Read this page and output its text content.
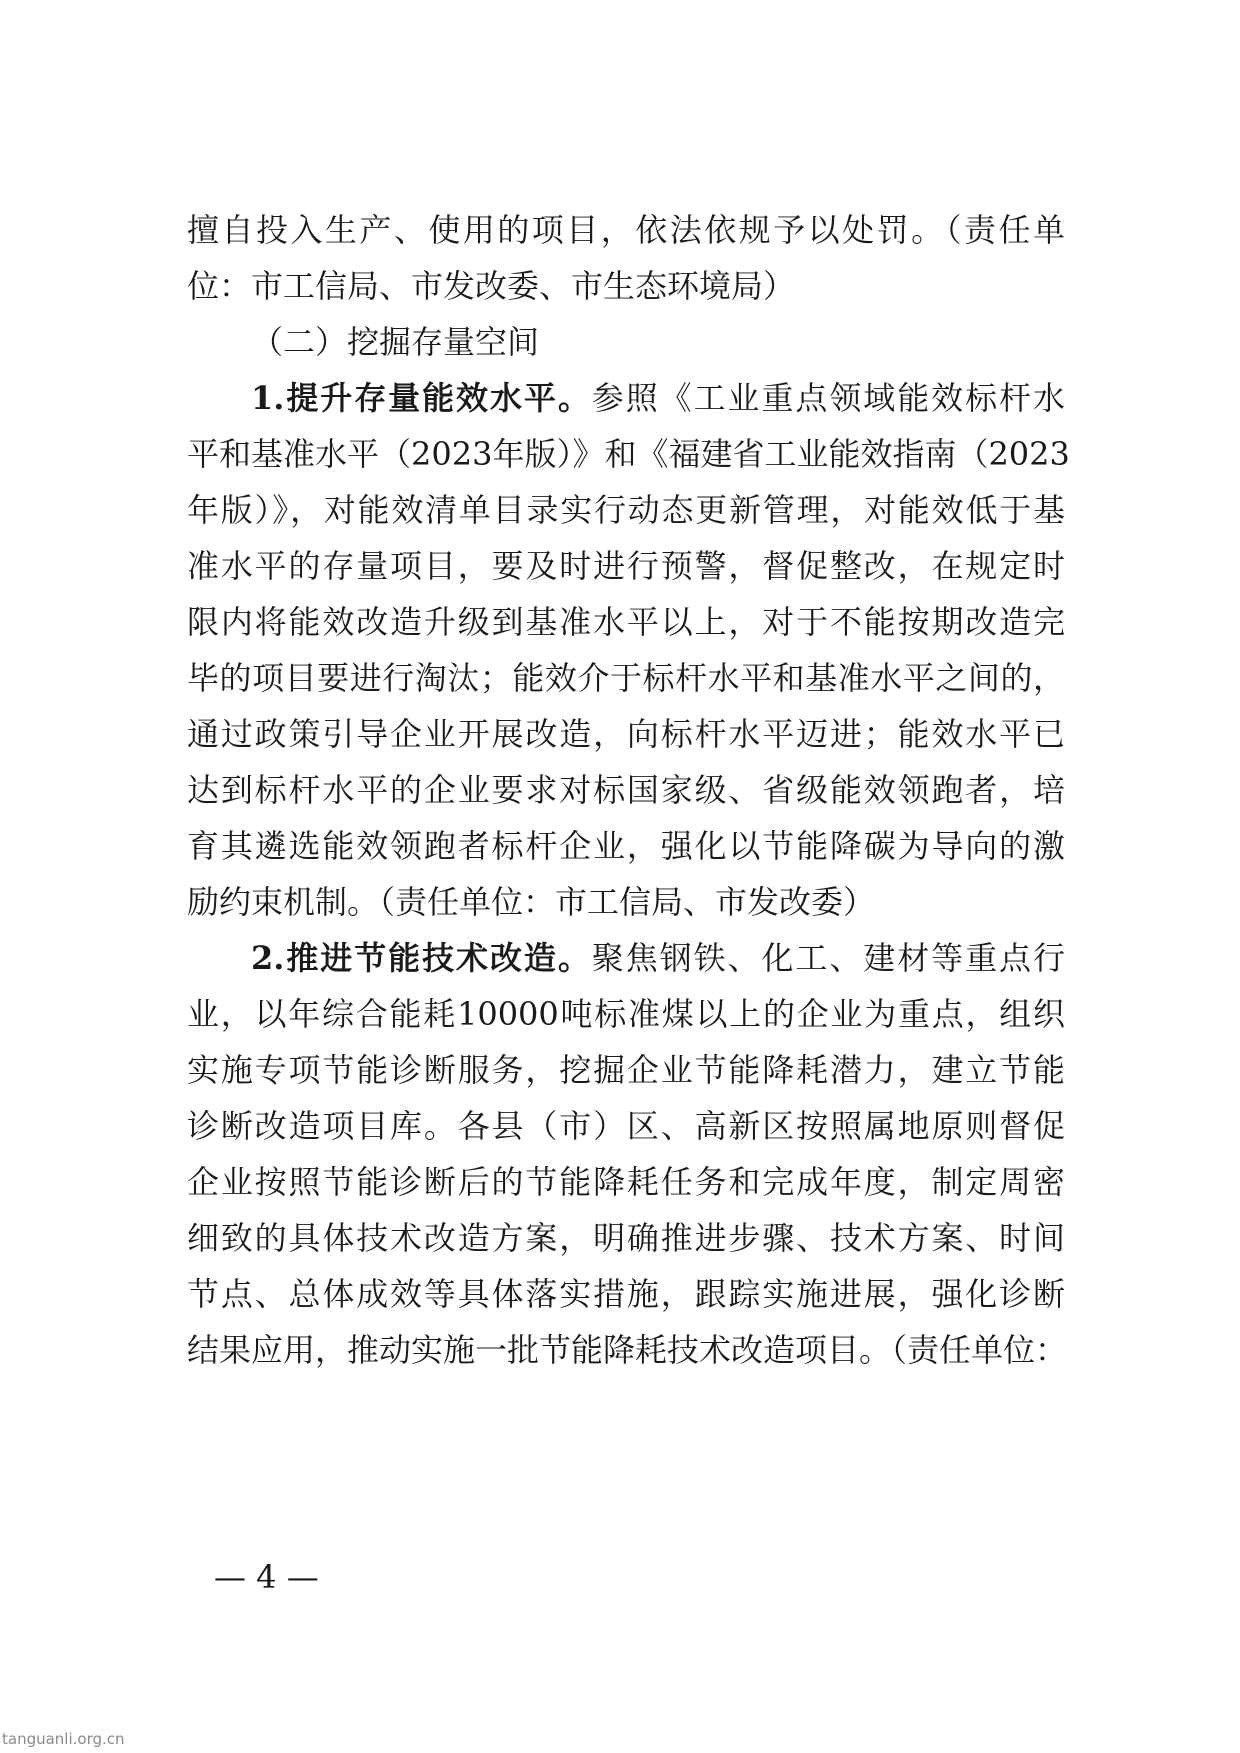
擅自投入生产、使用的项目，依法依规予以处罚。（责任单
位：市工信局、市发改委、市生态环境局）
（二）挖掘存量空间
1.提升存量能效水平。参照《工业重点领域能效标杆水
平和基准水平（2023年版）》和《福建省工业能效指南（2023
年版）》，对能效清单目录实行动态更新管理，对能效低于基
准水平的存量项目，要及时进行预警，督促整改，在规定时
限内将能效改造升级到基准水平以上，对于不能按期改造完
毕的项目要进行淘汰；能效介于标杆水平和基准水平之间的，
通过政策引导企业开展改造，向标杆水平迈进；能效水平已
达到标杆水平的企业要求对标国家级、省级能效领跑者，培
育其遴选能效领跑者标杆企业，强化以节能降碳为导向的激
励约束机制。（责任单位：市工信局、市发改委）
2.推进节能技术改造。聚焦钢铁、化工、建材等重点行
业，以年综合能耗10000吨标准煤以上的企业为重点，组织
实施专项节能诊断服务，挖掘企业节能降耗潜力，建立节能
诊断改造项目库。各县（市）区、高新区按照属地原则督促
企业按照节能诊断后的节能降耗任务和完成年度，制定周密
细致的具体技术改造方案，明确推进步骤、技术方案、时间
节点、总体成效等具体落实措施，跟踪实施进展，强化诊断
结果应用，推动实施一批节能降耗技术改造项目。（责任单位：
— 4 —
tanguanli.org.cn
